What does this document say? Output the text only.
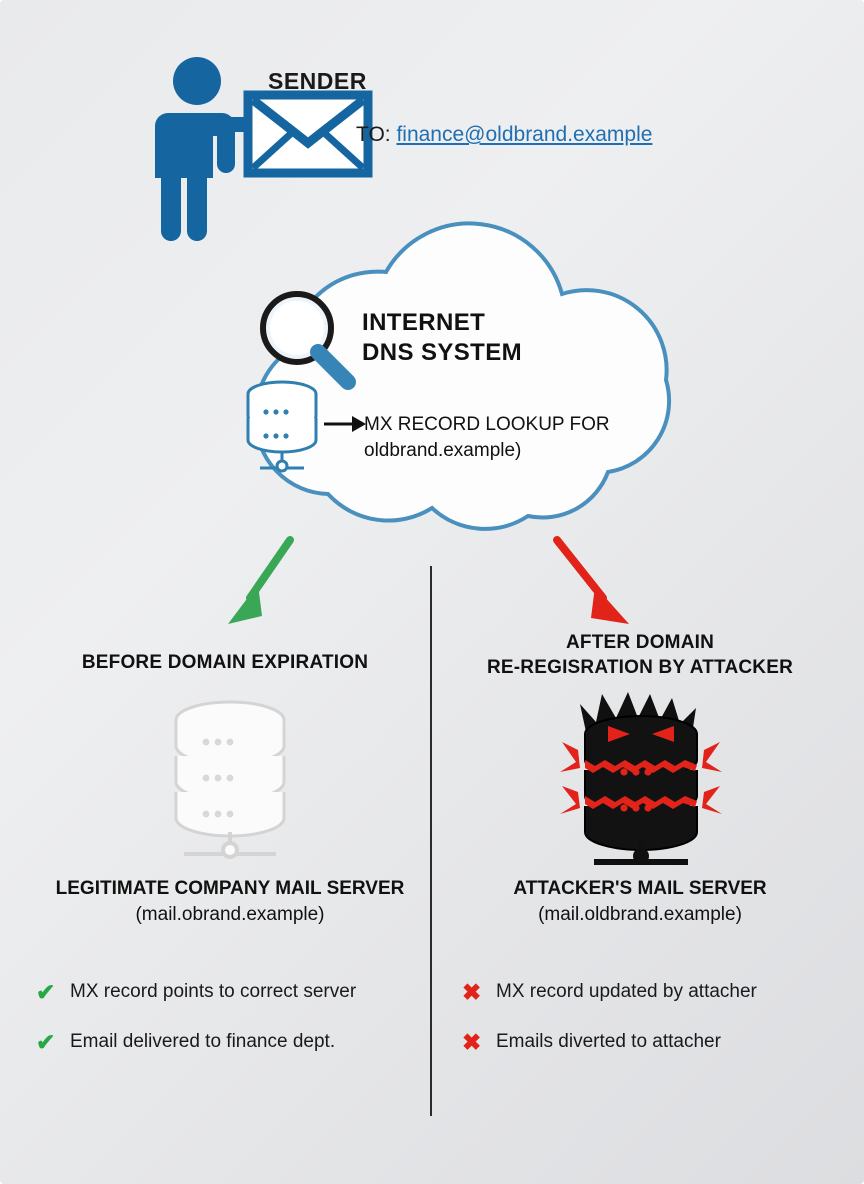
SENDER
TO: finance@oldbrand.example
INTERNET
DNS SYSTEM
MX RECORD LOOKUP FOR
oldbrand.example)
BEFORE DOMAIN EXPIRATION
AFTER DOMAIN
RE-REGISRATION BY ATTACKER
LEGITIMATE COMPANY MAIL SERVER (mail.obrand.example)
ATTACKER'S MAIL SERVER
(mail.oldbrand.example)
✔ MX record points to correct server
✔ Email delivered to finance dept.
✖ MX record updated by attacher
✖ Emails diverted to attacher
